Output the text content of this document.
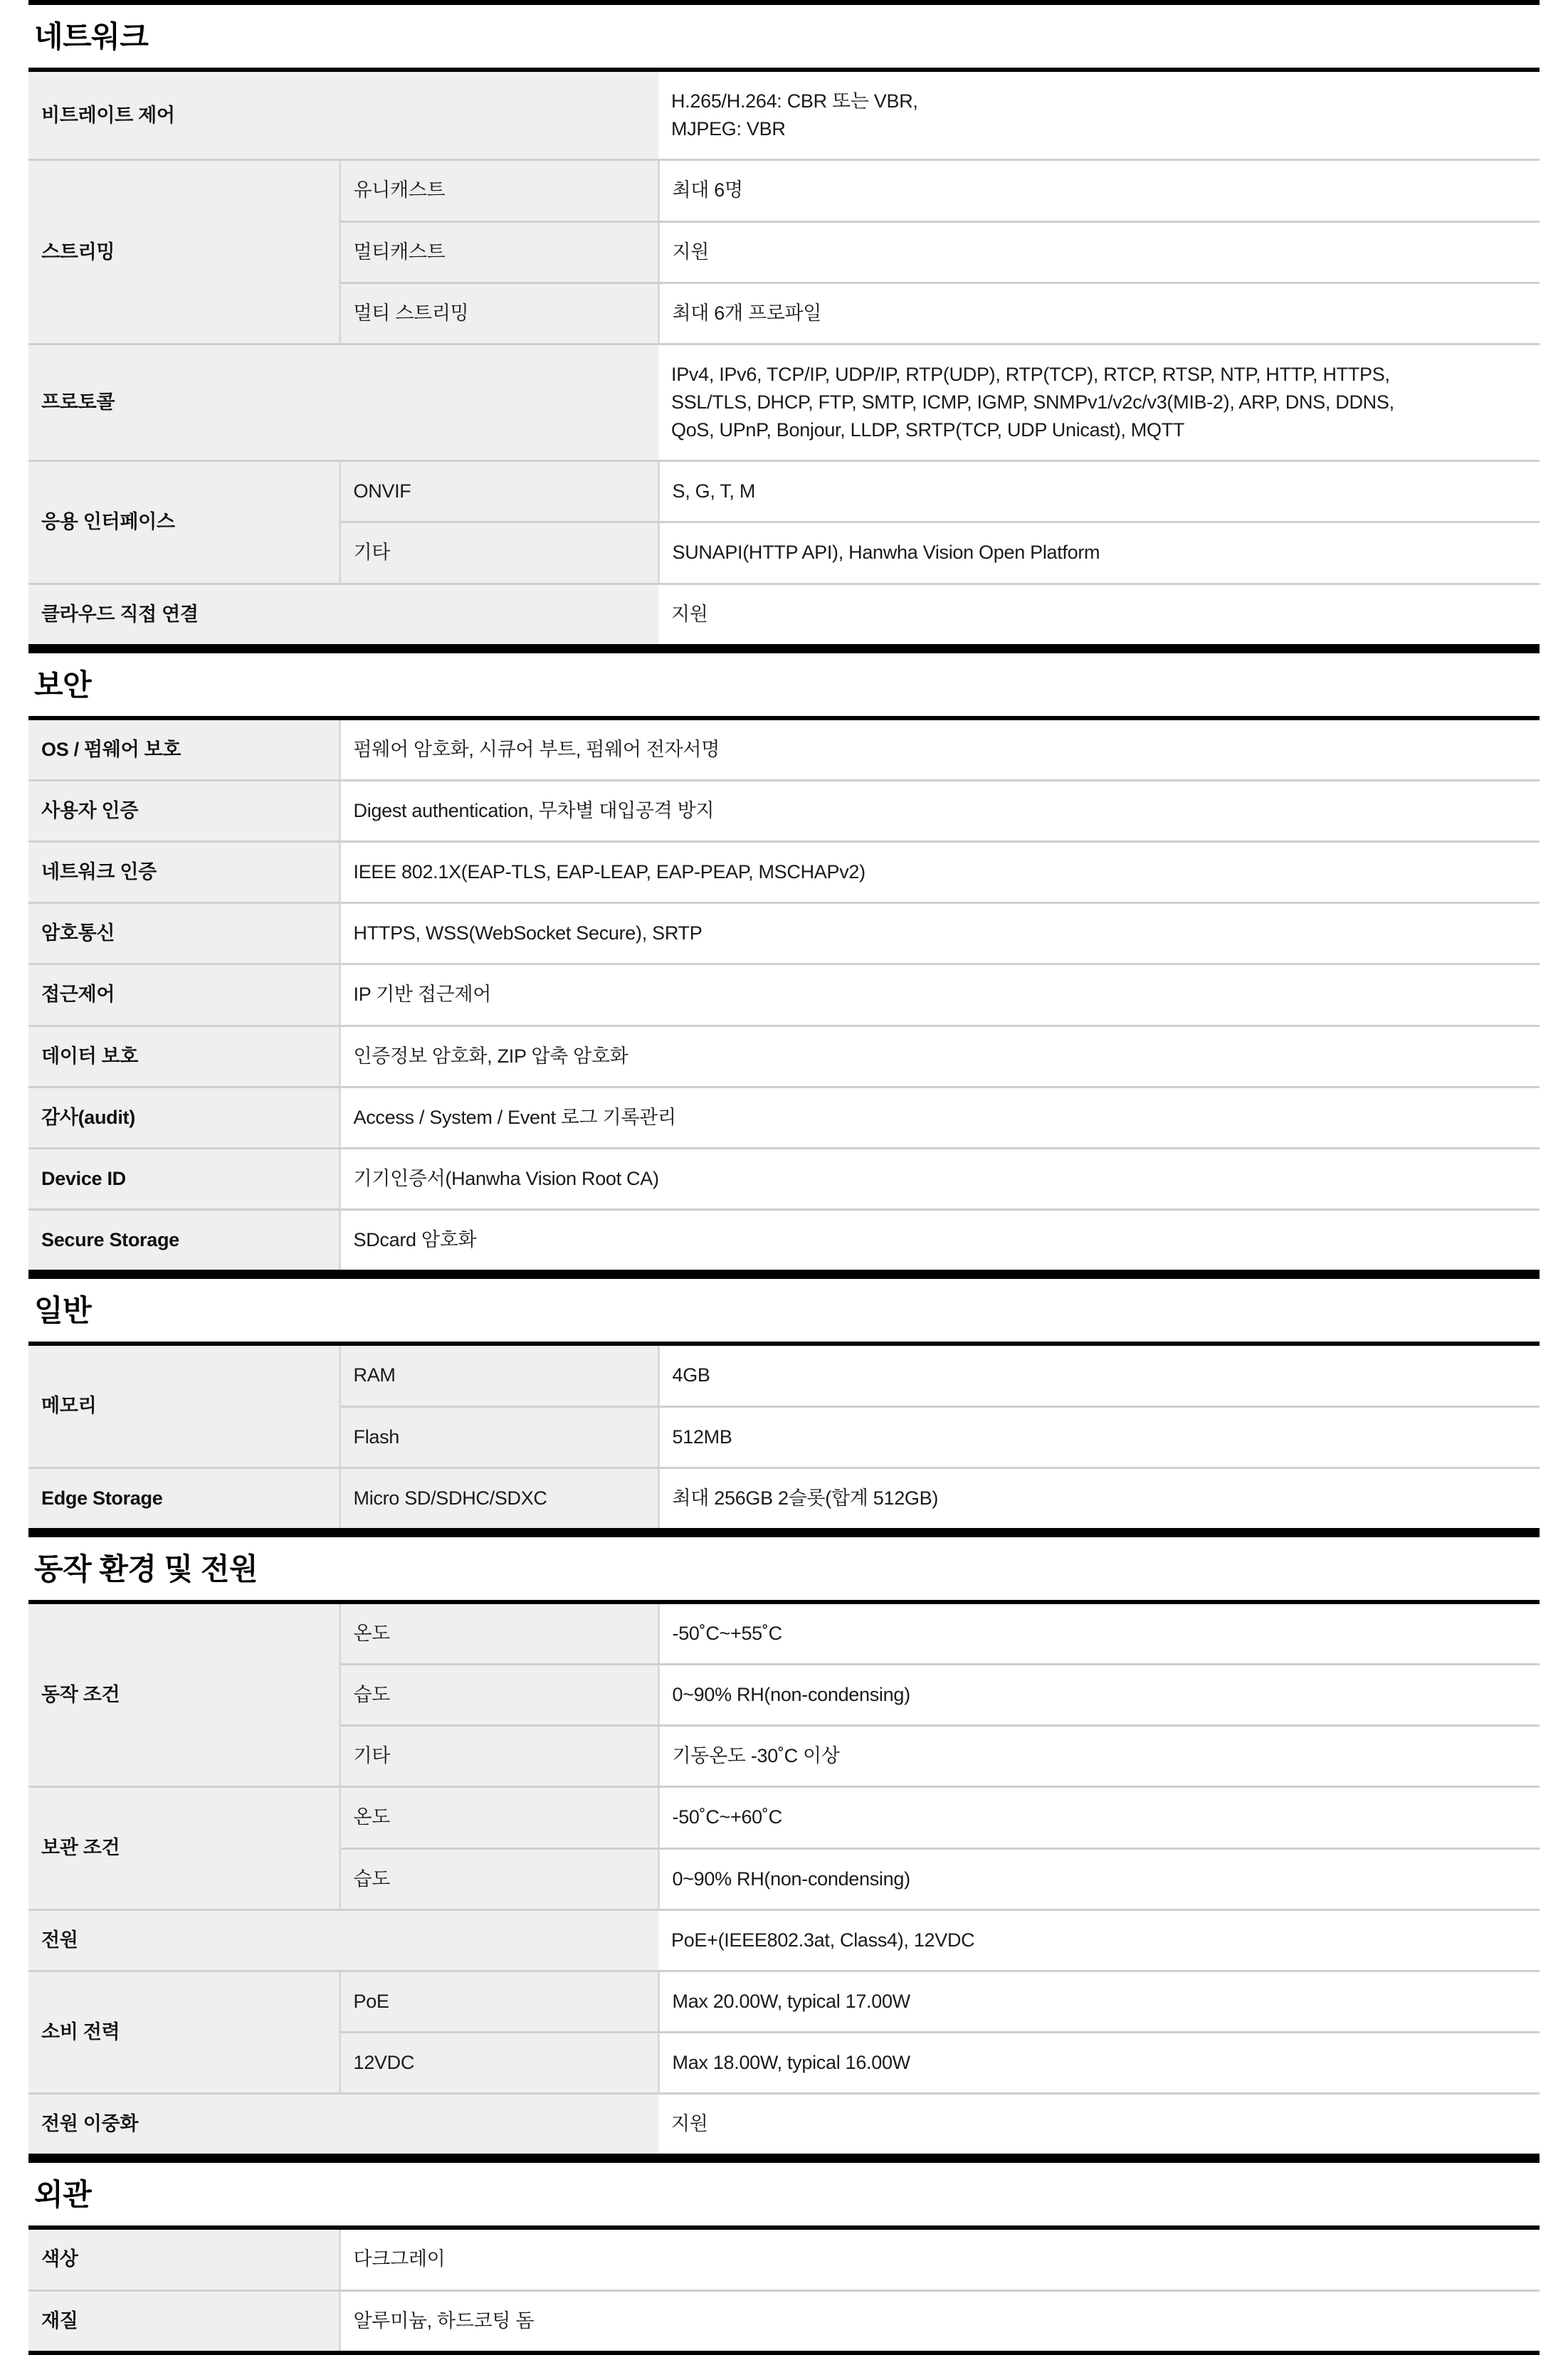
네트워크
비트레이트 제어		H.265/H.264: CBR 또는 VBR,
MJPEG: VBR

스트리밍	유니캐스트	최대 6명

	멀티캐스트	지원

	멀티 스트리밍	최대 6개 프로파일

프로토콜		IPv4, IPv6, TCP/IP, UDP/IP, RTP(UDP), RTP(TCP), RTCP, RTSP, NTP, HTTP, HTTPS,
SSL/TLS, DHCP, FTP, SMTP, ICMP, IGMP, SNMPv1/v2c/v3(MIB-2), ARP, DNS, DDNS,
QoS, UPnP, Bonjour, LLDP, SRTP(TCP, UDP Unicast), MQTT

응용 인터페이스	ONVIF	S, G, T, M

	기타	SUNAPI(HTTP API), Hanwha Vision Open Platform

클라우드 직접 연결		지원
보안
OS / 펌웨어 보호	펌웨어 암호화, 시큐어 부트, 펌웨어 전자서명

사용자 인증	Digest authentication, 무차별 대입공격 방지

네트워크 인증	IEEE 802.1X(EAP-TLS, EAP-LEAP, EAP-PEAP, MSCHAPv2)

암호통신	HTTPS, WSS(WebSocket Secure), SRTP

접근제어	IP 기반 접근제어

데이터 보호	인증정보 암호화, ZIP 압축 암호화

감사(audit)	Access / System / Event 로그 기록관리

Device ID	기기인증서(Hanwha Vision Root CA)

Secure Storage	SDcard 암호화
일반
메모리	RAM	4GB

	Flash	512MB

Edge Storage	Micro SD/SDHC/SDXC	최대 256GB 2슬롯(합계 512GB)
동작 환경 및 전원
동작 조건	온도	-50˚C~+55˚C

	습도	0~90% RH(non-condensing)

	기타	기동온도 -30˚C 이상

보관 조건	온도	-50˚C~+60˚C

	습도	0~90% RH(non-condensing)

전원		PoE+(IEEE802.3at, Class4), 12VDC

소비 전력	PoE	Max 20.00W, typical 17.00W

	12VDC	Max 18.00W, typical 16.00W

전원 이중화		지원
외관
색상	다크그레이

재질	알루미늄, 하드코팅 돔
